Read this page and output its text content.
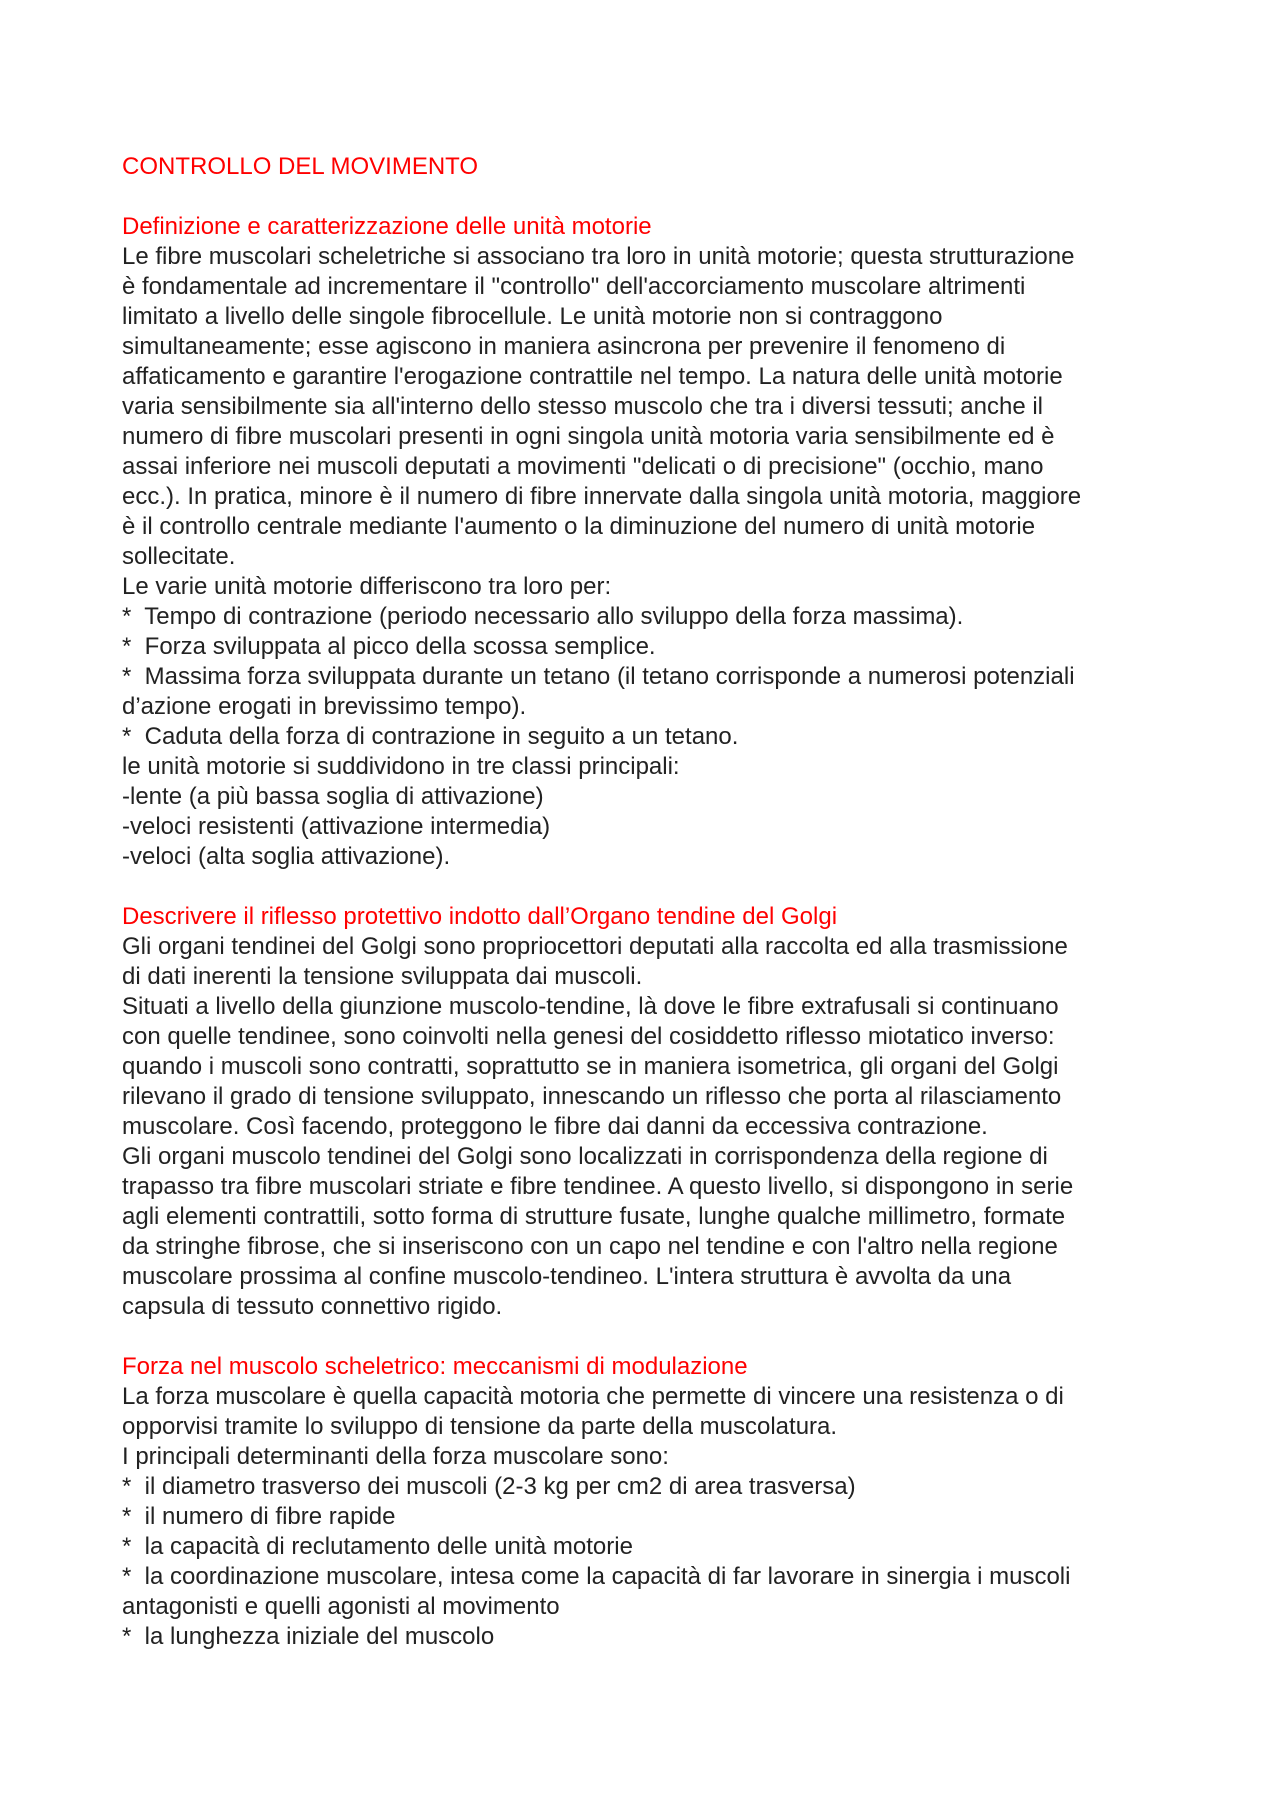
CONTROLLO DEL MOVIMENTO
Definizione e caratterizzazione delle unità motorie
Le fibre muscolari scheletriche si associano tra loro in unità motorie; questa strutturazione
è fondamentale ad incrementare il "controllo" dell'accorciamento muscolare altrimenti
limitato a livello delle singole fibrocellule. Le unità motorie non si contraggono
simultaneamente; esse agiscono in maniera asincrona per prevenire il fenomeno di
affaticamento e garantire l'erogazione contrattile nel tempo. La natura delle unità motorie
varia sensibilmente sia all'interno dello stesso muscolo che tra i diversi tessuti; anche il
numero di fibre muscolari presenti in ogni singola unità motoria varia sensibilmente ed è
assai inferiore nei muscoli deputati a movimenti "delicati o di precisione" (occhio, mano
ecc.). In pratica, minore è il numero di fibre innervate dalla singola unità motoria, maggiore
è il controllo centrale mediante l'aumento o la diminuzione del numero di unità motorie
sollecitate.
Le varie unità motorie differiscono tra loro per:
*  Tempo di contrazione (periodo necessario allo sviluppo della forza massima).
*  Forza sviluppata al picco della scossa semplice.
*  Massima forza sviluppata durante un tetano (il tetano corrisponde a numerosi potenziali
d’azione erogati in brevissimo tempo).
*  Caduta della forza di contrazione in seguito a un tetano.
le unità motorie si suddividono in tre classi principali:
-lente (a più bassa soglia di attivazione)
-veloci resistenti (attivazione intermedia)
-veloci (alta soglia attivazione).
Descrivere il riflesso protettivo indotto dall’Organo tendine del Golgi
Gli organi tendinei del Golgi sono propriocettori deputati alla raccolta ed alla trasmissione
di dati inerenti la tensione sviluppata dai muscoli.
Situati a livello della giunzione muscolo-tendine, là dove le fibre extrafusali si continuano
con quelle tendinee, sono coinvolti nella genesi del cosiddetto riflesso miotatico inverso:
quando i muscoli sono contratti, soprattutto se in maniera isometrica, gli organi del Golgi
rilevano il grado di tensione sviluppato, innescando un riflesso che porta al rilasciamento
muscolare. Così facendo, proteggono le fibre dai danni da eccessiva contrazione.
Gli organi muscolo tendinei del Golgi sono localizzati in corrispondenza della regione di
trapasso tra fibre muscolari striate e fibre tendinee. A questo livello, si dispongono in serie
agli elementi contrattili, sotto forma di strutture fusate, lunghe qualche millimetro, formate
da stringhe fibrose, che si inseriscono con un capo nel tendine e con l'altro nella regione
muscolare prossima al confine muscolo-tendineo. L'intera struttura è avvolta da una
capsula di tessuto connettivo rigido.
Forza nel muscolo scheletrico: meccanismi di modulazione
La forza muscolare è quella capacità motoria che permette di vincere una resistenza o di
opporvisi tramite lo sviluppo di tensione da parte della muscolatura.
I principali determinanti della forza muscolare sono:
*  il diametro trasverso dei muscoli (2-3 kg per cm2 di area trasversa)
*  il numero di fibre rapide
*  la capacità di reclutamento delle unità motorie
*  la coordinazione muscolare, intesa come la capacità di far lavorare in sinergia i muscoli
antagonisti e quelli agonisti al movimento
*  la lunghezza iniziale del muscolo
